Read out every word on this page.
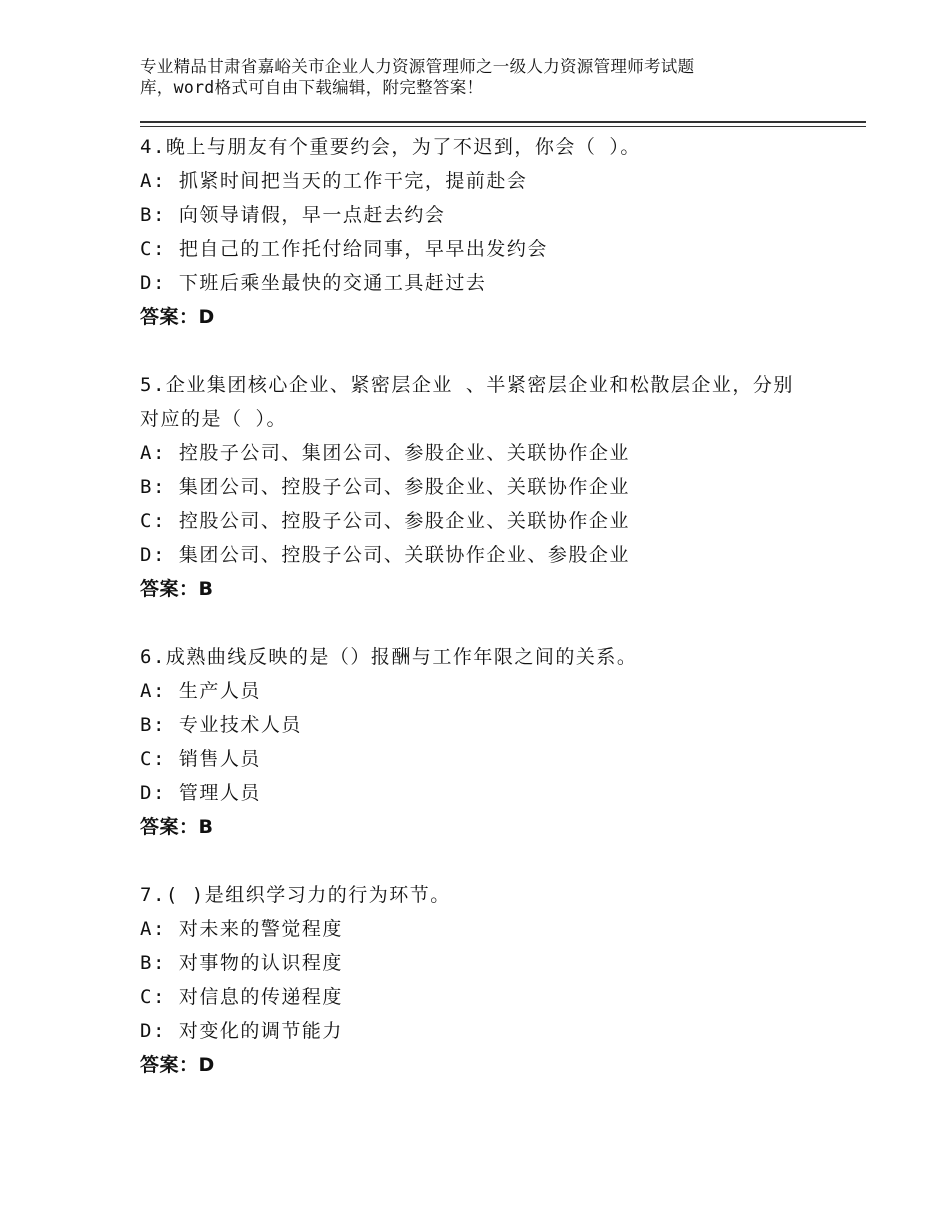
专业精品甘肃省嘉峪关市企业人力资源管理师之一级人力资源管理师考试题
库，word格式可自由下载编辑，附完整答案！
4.晚上与朋友有个重要约会，为了不迟到，你会（ ）。
A: 抓紧时间把当天的工作干完，提前赴会
B: 向领导请假，早一点赶去约会
C: 把自己的工作托付给同事，早早出发约会
D: 下班后乘坐最快的交通工具赶过去
答案：D
5.企业集团核心企业、紧密层企业 、半紧密层企业和松散层企业，分别对应的是（ ）。
A: 控股子公司、集团公司、参股企业、关联协作企业
B: 集团公司、控股子公司、参股企业、关联协作企业
C: 控股公司、控股子公司、参股企业、关联协作企业
D: 集团公司、控股子公司、关联协作企业、参股企业
答案：B
6.成熟曲线反映的是（）报酬与工作年限之间的关系。
A: 生产人员
B: 专业技术人员
C: 销售人员
D: 管理人员
答案：B
7.( )是组织学习力的行为环节。
A: 对未来的警觉程度
B: 对事物的认识程度
C: 对信息的传递程度
D: 对变化的调节能力
答案：D
